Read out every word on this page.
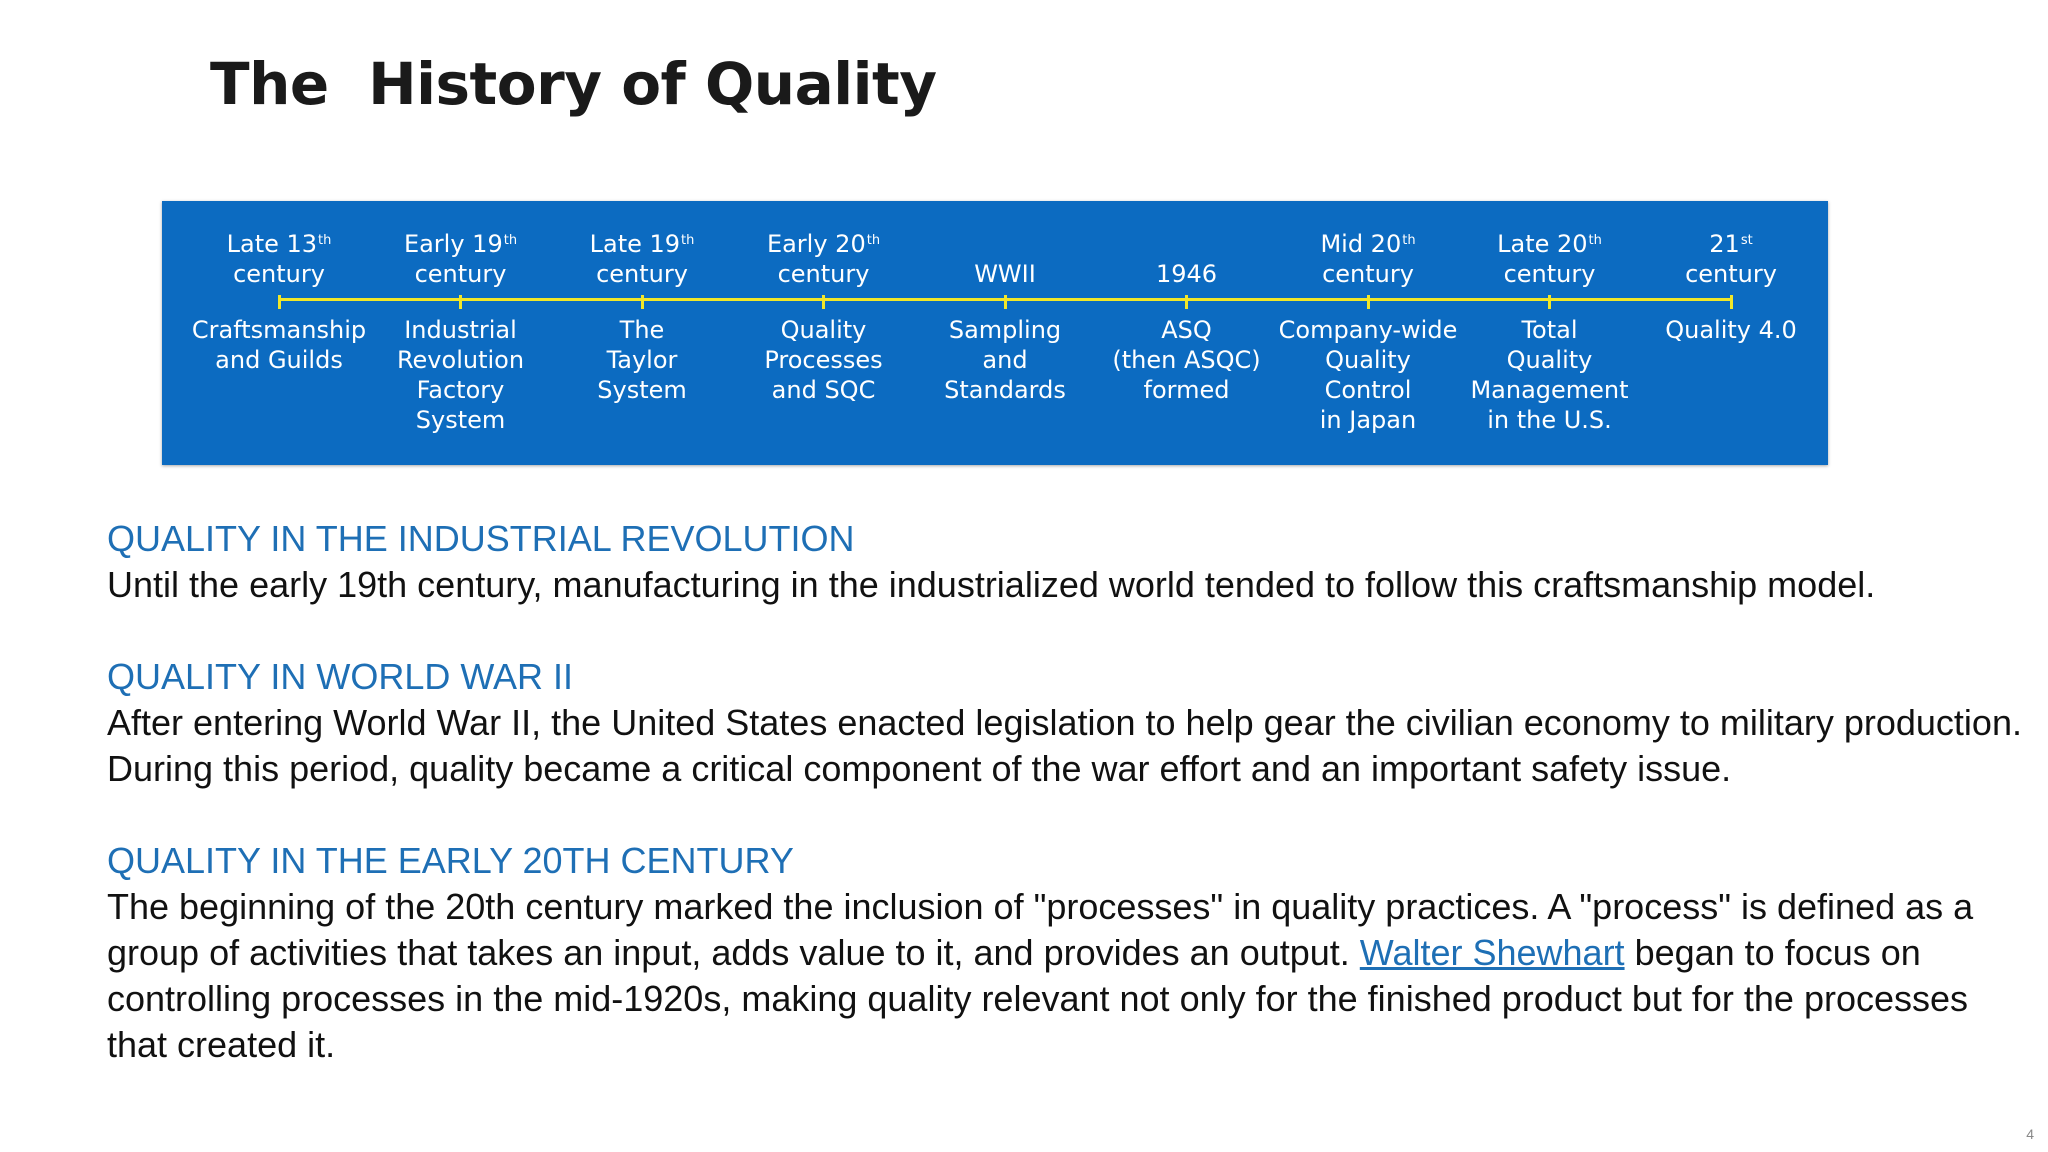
The  History of Quality
Late 13th
century
Craftsmanship
and Guilds
Early 19th
century
Industrial
Revolution
Factory
System
Late 19th
century
The
Taylor
System
Early 20th
century
Quality
Processes
and SQC
WWII
Sampling
and
Standards
1946
ASQ
(then ASQC)
formed
Mid 20th
century
Company-wide
Quality
Control
in Japan
Late 20th
century
Total
Quality
Management
in the U.S.
21st
century
Quality 4.0
QUALITY IN THE INDUSTRIAL REVOLUTION

Until the early 19th century, manufacturing in the industrialized world tended to follow this craftsmanship model.

QUALITY IN WORLD WAR II

After entering World War II, the United States enacted legislation to help gear the civilian economy to military production. During this period, quality became a critical component of the war effort and an important safety issue.

QUALITY IN THE EARLY 20TH CENTURY

The beginning of the 20th century marked the inclusion of "processes" in quality practices. A "process" is defined as a group of activities that takes an input, adds value to it, and provides an output. Walter Shewhart began to focus on controlling processes in the mid-1920s, making quality relevant not only for the finished product but for the processes that created it.

4
